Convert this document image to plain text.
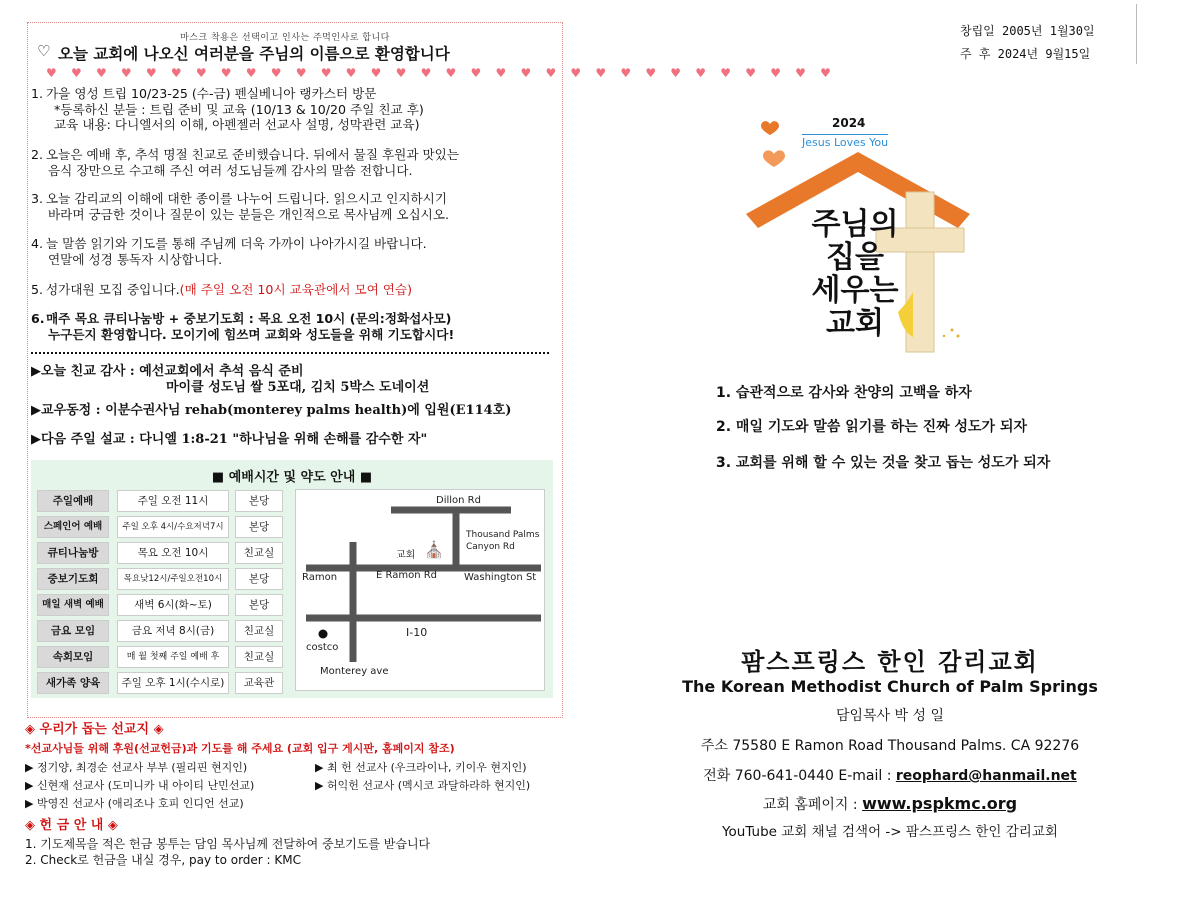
마스크 착용은 선택이고 인사는 주먹인사로 합니다
♡ 오늘 교회에 나오신 여러분을 주님의 이름으로 환영합니다
♥ ♥ ♥ ♥ ♥ ♥ ♥ ♥ ♥ ♥ ♥ ♥ ♥ ♥ ♥ ♥ ♥ ♥ ♥ ♥ ♥ ♥ ♥ ♥ ♥ ♥ ♥ ♥ ♥ ♥ ♥ ♥
1. 가을 영성 트립 10/23-25 (수-금) 펜실베니아 랭카스터 방문
*등록하신 분들 : 트립 준비 및 교육 (10/13 & 10/20 주일 친교 후)
교육 내용: 다니엘서의 이해, 아펜젤러 선교사 설명, 성막관련 교육)
2. 오늘은 예배 후, 추석 명절 친교로 준비했습니다. 뒤에서 물질 후원과 맛있는
음식 장만으로 수고해 주신 여러 성도님들께 감사의 말씀 전합니다.
3. 오늘 감리교의 이해에 대한 종이를 나누어 드립니다. 읽으시고 인지하시기
바라며 궁금한 것이나 질문이 있는 분들은 개인적으로 목사님께 오십시오.
4. 늘 말씀 읽기와 기도를 통해 주님께 더욱 가까이 나아가시길 바랍니다.
연말에 성경 통독자 시상합니다.
5. 성가대원 모집 중입니다.(매 주일 오전 10시 교육관에서 모여 연습)
6.매주 목요 큐티나눔방 + 중보기도회 : 목요 오전 10시 (문의:정화섭사모)
누구든지 환영합니다. 모이기에 힘쓰며 교회와 성도들을 위해 기도합시다!
▶오늘 친교 감사 : 예선교회에서 추석 음식 준비
마이클 성도님 쌀 5포대, 김치 5박스 도네이션
▶교우동정 : 이분수권사님 rehab(monterey palms health)에 입원(E114호)
▶다음 주일 설교 : 다니엘 1:8-21 "하나님을 위해 손해를 감수한 자"
■ 예배시간 및 약도 안내 ■
주일예배	주일 오전 11시	본당
스페인어 예배	주일 오후 4시/수요저녁7시	본당
큐티나눔방	목요 오전 10시	친교실
중보기도회	목요낮12시/주일오전10시	본당
매일 새벽 예배	새벽 6시(화~토)	본당
금요 모임	금요 저녁 8시(금)	친교실
속회모임	매 월 첫째 주일 예배 후	친교실
새가족 양육	주일 오후 1시(수시로)	교육관
Dillon Rd
Thousand Palms
Canyon Rd
교회 ⛪
Ramon	E Ramon Rd	Washington St
I-10
costco
Monterey ave
◈ 우리가 돕는 선교지 ◈
*선교사님들 위해 후원(선교헌금)과 기도를 해 주세요 (교회 입구 게시판, 홈페이지 참조)
▶ 정기양, 최경순 선교사 부부 (필리핀 현지인)	▶ 최 헌 선교사 (우크라이나, 키이우 현지인)
▶ 신현재 선교사 (도미니카 내 아이티 난민선교)	▶ 허익헌 선교사 (멕시코 과달하라하 현지인)
▶ 박영진 선교사 (애리조나 호피 인디언 선교)
◈ 헌 금 안 내 ◈
1. 기도제목을 적은 헌금 봉투는 담임 목사님께 전달하여 중보기도를 받습니다
2. Check로 헌금을 내실 경우, pay to order : KMC
창립일 2005년 1월30일
주 후 2024년 9월15일
2024
Jesus Loves You
주님의
집을
세우는
교회
1. 습관적으로 감사와 찬양의 고백을 하자
2. 매일 기도와 말씀 읽기를 하는 진짜 성도가 되자
3. 교회를 위해 할 수 있는 것을 찾고 돕는 성도가 되자
팜스프링스 한인 감리교회
The Korean Methodist Church of Palm Springs
담임목사 박 성 일
주소 75580 E Ramon Road Thousand Palms. CA 92276
전화 760-641-0440 E-mail : reophard@hanmail.net
교회 홈페이지 : www.pspkmc.org
YouTube 교회 채널 검색어 -> 팜스프링스 한인 감리교회
